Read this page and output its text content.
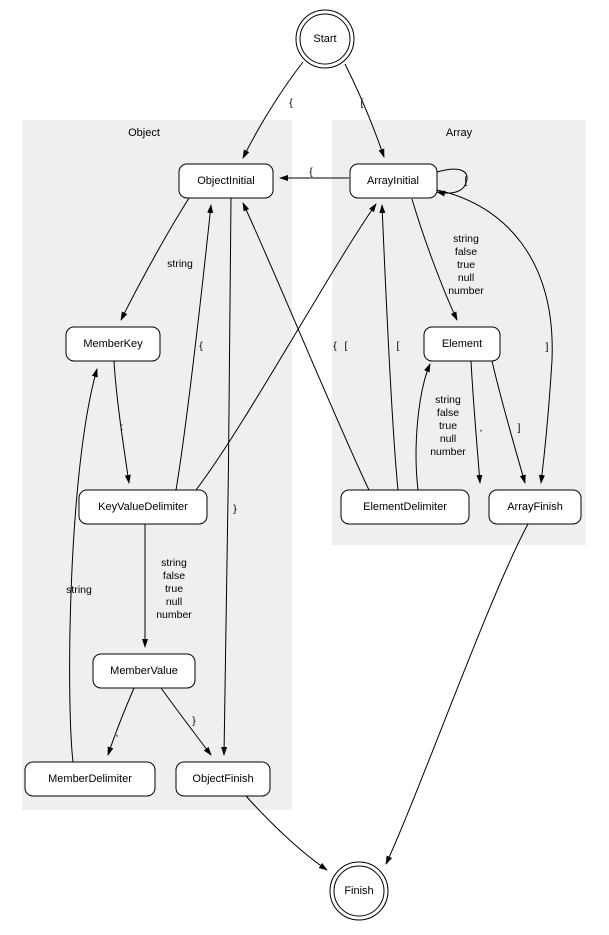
Object	Array
Start
Finish
ObjectInitial	ArrayInitial
MemberKey	Element
KeyValueDelimiter	ElementDelimiter	ArrayFinish
MemberValue
MemberDelimiter	ObjectFinish
{	[
{
[
string
:
{	[
,
}
string
}
]
,	]
{	[
string
false
true
null
number
string
false
true
null
number
string
false
true
null
number
